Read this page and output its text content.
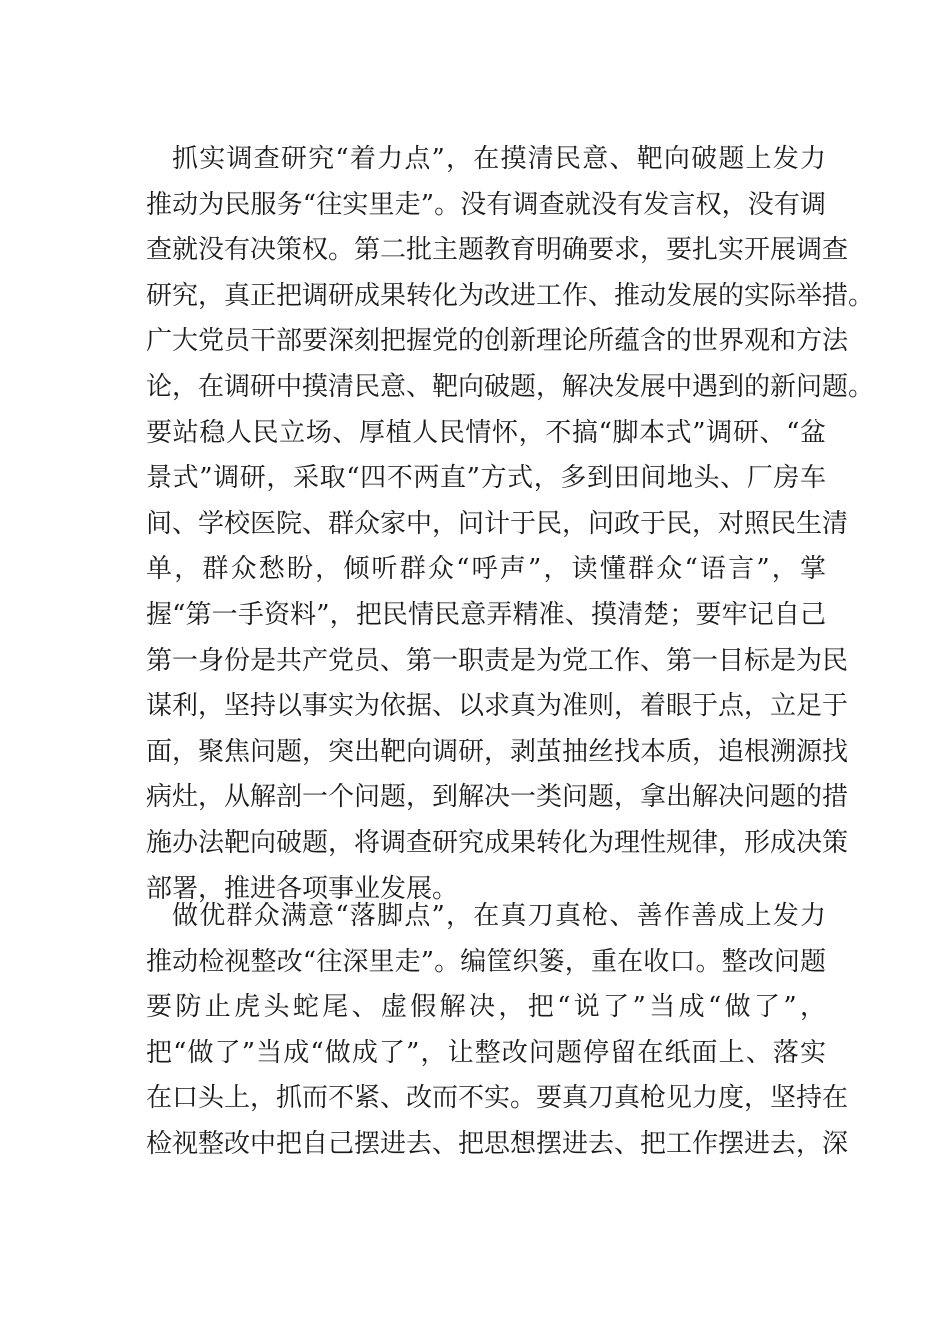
抓实调查研究“着力点”，在摸清民意、靶向破题上发力
推动为民服务“往实里走”。没有调查就没有发言权，没有调
查就没有决策权。第二批主题教育明确要求，要扎实开展调查
研究，真正把调研成果转化为改进工作、推动发展的实际举措。
广大党员干部要深刻把握党的创新理论所蕴含的世界观和方法
论，在调研中摸清民意、靶向破题，解决发展中遇到的新问题。
要站稳人民立场、厚植人民情怀，不搞“脚本式”调研、“盆
景式”调研，采取“四不两直”方式，多到田间地头、厂房车
间、学校医院、群众家中，问计于民，问政于民，对照民生清
单，群众愁盼，倾听群众“呼声”，读懂群众“语言”，掌
握“第一手资料”，把民情民意弄精准、摸清楚；要牢记自己
第一身份是共产党员、第一职责是为党工作、第一目标是为民
谋利，坚持以事实为依据、以求真为准则，着眼于点，立足于
面，聚焦问题，突出靶向调研，剥茧抽丝找本质，追根溯源找
病灶，从解剖一个问题，到解决一类问题，拿出解决问题的措
施办法靶向破题，将调查研究成果转化为理性规律，形成决策
部署，推进各项事业发展。
做优群众满意“落脚点”，在真刀真枪、善作善成上发力
推动检视整改“往深里走”。编筐织篓，重在收口。整改问题
要防止虎头蛇尾、虚假解决，把“说了”当成“做了”，
把“做了”当成“做成了”，让整改问题停留在纸面上、落实
在口头上，抓而不紧、改而不实。要真刀真枪见力度，坚持在
检视整改中把自己摆进去、把思想摆进去、把工作摆进去，深
